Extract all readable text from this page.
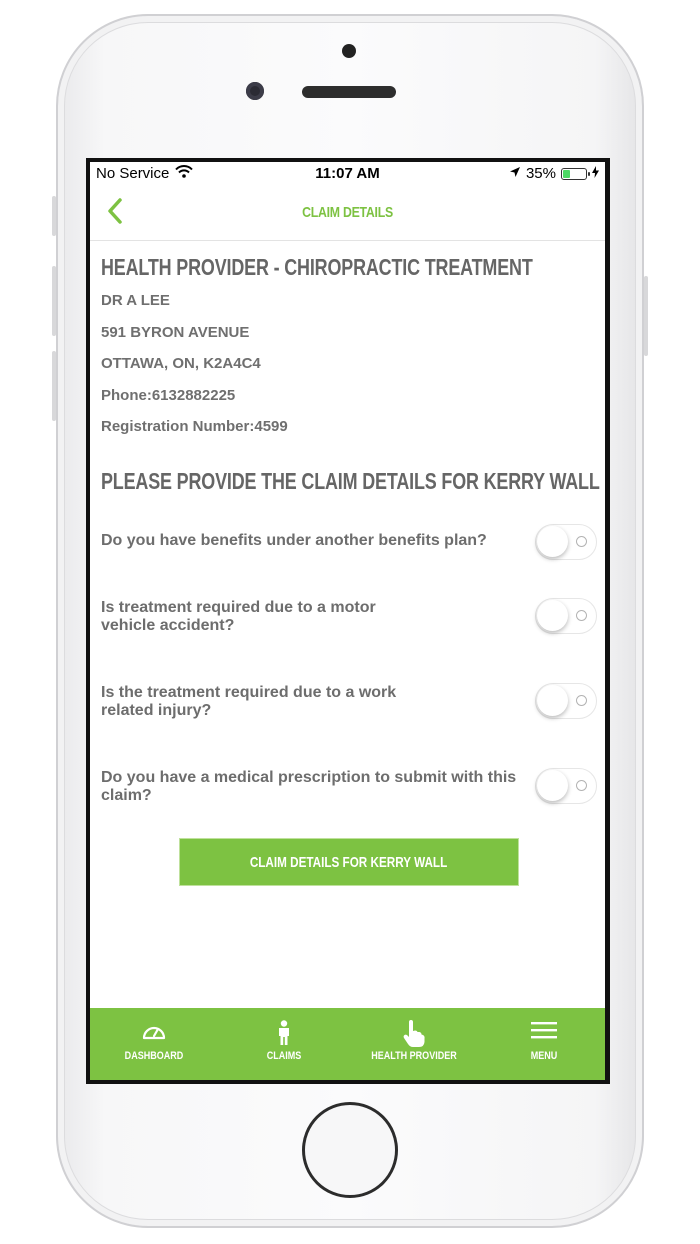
No Service	11:07 AM	35%
CLAIM DETAILS
HEALTH PROVIDER - CHIROPRACTIC TREATMENT
DR A LEE
591 BYRON AVENUE
OTTAWA, ON, K2A4C4
Phone:6132882225
Registration Number:4599
PLEASE PROVIDE THE CLAIM DETAILS FOR KERRY WALL
Do you have benefits under another benefits plan?
Is treatment required due to a motor vehicle accident?
Is the treatment required due to a work related injury?
Do you have a medical prescription to submit with this claim?
CLAIM DETAILS FOR KERRY WALL
DASHBOARD	CLAIMS	HEALTH PROVIDER	MENU
